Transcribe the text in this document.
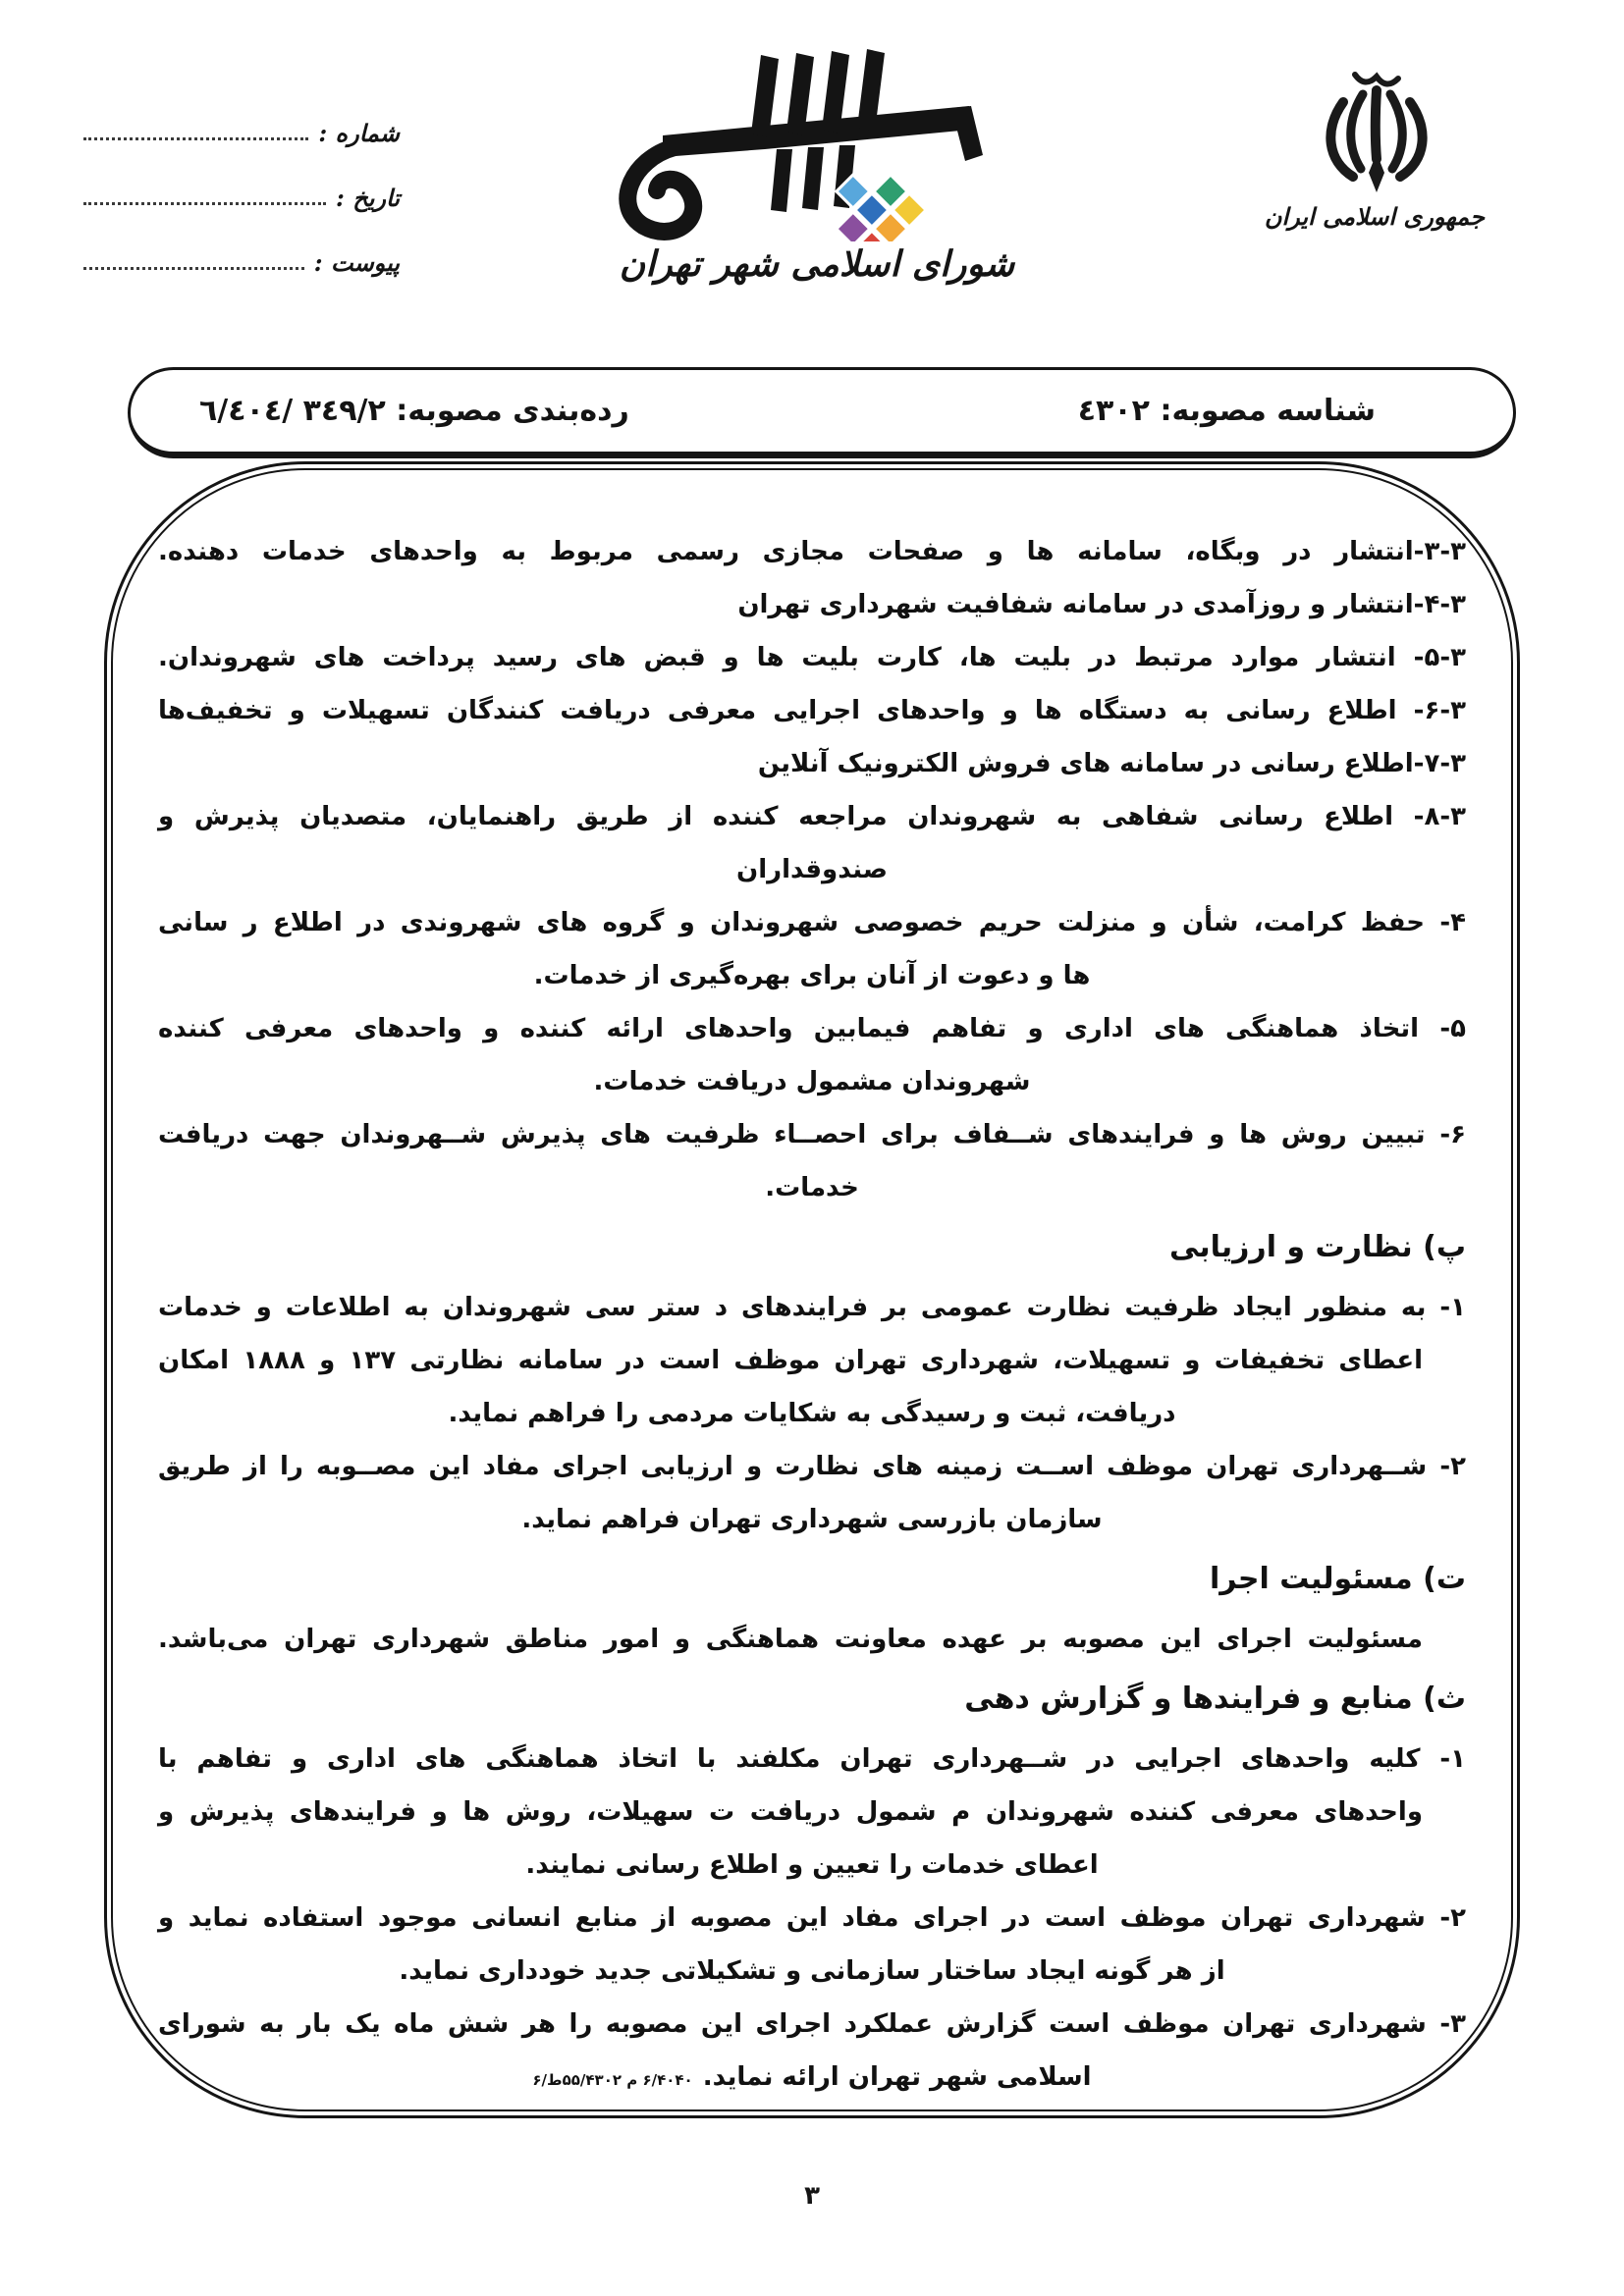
شماره :
تاریخ :
پیوست :	شورای اسلامی شهر تهران
جمهوری اسلامی ایران
شناسه مصوبه: ٤٣٠٢
رده‌بندی مصوبه: ٣٤٩/٢ /٦/٤٠٤
۳-۳-انتشار در وبگاه، سامانه ها و صفحات مجازی رسمی مربوط به واحدهای خدمات دهنده.
۴-۳-انتشار و روزآمدی در سامانه شفافیت شهرداری تهران
۵-۳- انتشار موارد مرتبط در بلیت ها، کارت بلیت ها و قبض های رسید پرداخت های شهروندان.
۶-۳- اطلاع رسانی به دستگاه ها و واحدهای اجرایی معرفی دریافت کنندگان تسهیلات و تخفیف‌ها
۷-۳-اطلاع رسانی در سامانه های فروش الکترونیک آنلاین
۸-۳- اطلاع رسانی شفاهی به شهروندان مراجعه کننده از طریق راهنمایان، متصدیان پذیرش و
صندوقداران
۴- حفظ کرامت، شأن و منزلت حریم خصوصی شهروندان و گروه های شهروندی در اطلاع ر سانی
ها و دعوت از آنان برای بهره‌گیری از خدمات.
۵- اتخاذ هماهنگی های اداری و تفاهم فیمابین واحدهای ارائه کننده و واحدهای معرفی کننده
شهروندان مشمول دریافت خدمات.
۶- تبیین روش ها و فرایندهای شــفاف برای احصــاء ظرفیت های پذیرش شــهروندان جهت دریافت
خدمات.
پ) نظارت و ارزیابی
۱- به منظور ایجاد ظرفیت نظارت عمومی بر فرایندهای د ستر سی شهروندان به اطلاعات و خدمات
اعطای تخفیفات و تسهیلات، شهرداری تهران موظف است در سامانه نظارتی ۱۳۷ و ۱۸۸۸ امکان
دریافت، ثبت و رسیدگی به شکایات مردمی را فراهم نماید.
۲- شــهرداری تهران موظف اســت زمینه های نظارت و ارزیابی اجرای مفاد این مصــوبه را از طریق
سازمان بازرسی شهرداری تهران فراهم نماید.
ت) مسئولیت اجرا
مسئولیت اجرای این مصوبه بر عهده معاونت هماهنگی و امور مناطق شهرداری تهران می‌باشد.
ث) منابع و فرایندها و گزارش دهی
۱- کلیه واحدهای اجرایی در شــهرداری تهران مکلفند با اتخاذ هماهنگی های اداری و تفاهم با
واحدهای معرفی کننده شهروندان م شمول دریافت ت سهیلات، روش ها و فرایندهای پذیرش و
اعطای خدمات را تعیین و اطلاع رسانی نمایند.
۲- شهرداری تهران موظف است در اجرای مفاد این مصوبه از منابع انسانی موجود استفاده نماید و
از هر گونه ایجاد ساختار سازمانی و تشکیلاتی جدید خودداری نماید.
۳- شهرداری تهران موظف است گزارش عملکرد اجرای این مصوبه را هر شش ماه یک بار به شورای
اسلامی شهر تهران ارائه نماید.۶/ط۵۵/۴۳۰۲ م ۶/۴۰۴۰
۳
